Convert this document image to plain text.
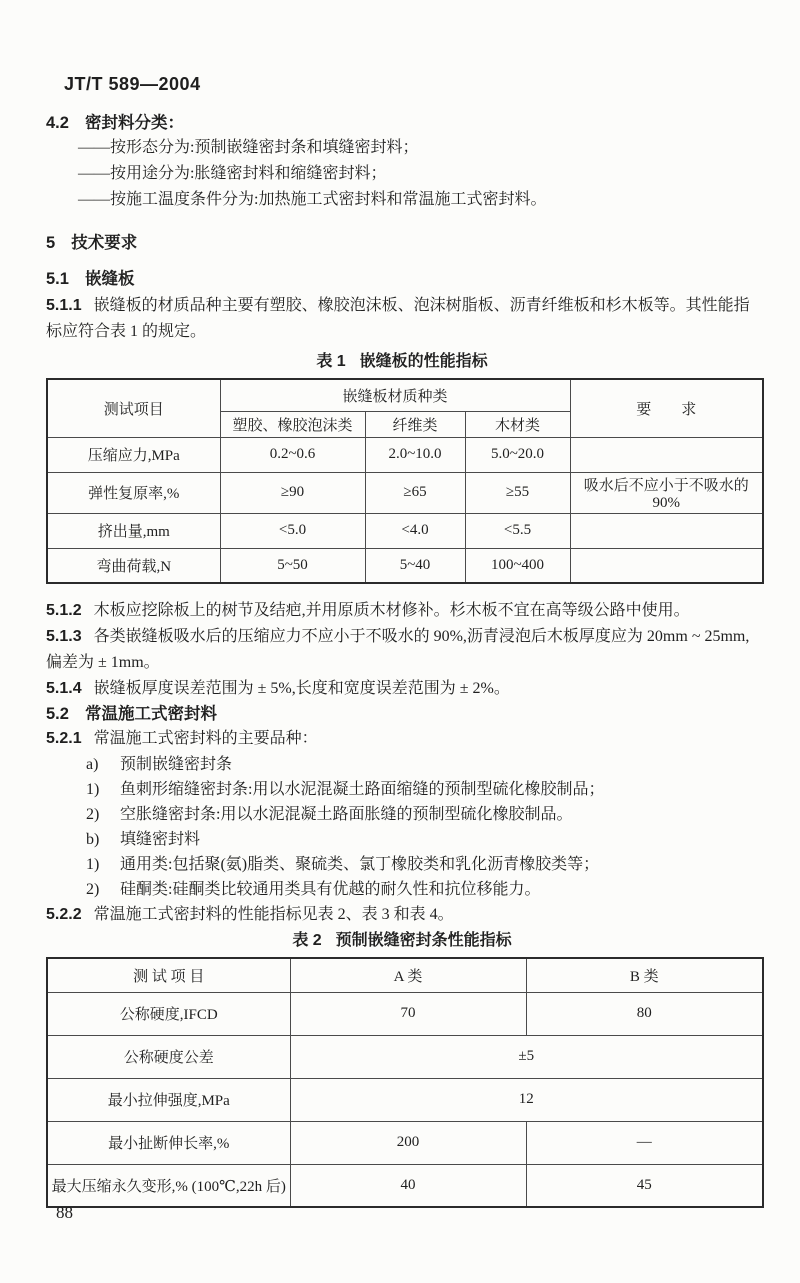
JT/T 589—2004

4.2 密封料分类：

——按形态分为:预制嵌缝密封条和填缝密封料；

——按用途分为:胀缝密封料和缩缝密封料；

——按施工温度条件分为:加热施工式密封料和常温施工式密封料。

5 技术要求

5.1 嵌缝板

5.1.1 嵌缝板的材质品种主要有塑胶、橡胶泡沫板、泡沫树脂板、沥青纤维板和杉木板等。其性能指标应符合表 1 的规定。

表 1 嵌缝板的性能指标

测试项目	嵌缝板材质种类			要　　求
	塑胶、橡胶泡沫类	纤维类	木材类	
压缩应力,MPa	0.2~0.6	2.0~10.0	5.0~20.0	
弹性复原率,%	≥90	≥65	≥55	吸水后不应小于不吸水的 90%
挤出量,mm	<5.0	<4.0	<5.5	
弯曲荷载,N	5~50	5~40	100~400	

5.1.2 木板应挖除板上的树节及结疤,并用原质木材修补。杉木板不宜在高等级公路中使用。

5.1.3 各类嵌缝板吸水后的压缩应力不应小于不吸水的 90%,沥青浸泡后木板厚度应为 20mm ~ 25mm,偏差为 ± 1mm。

5.1.4 嵌缝板厚度误差范围为 ± 5%,长度和宽度误差范围为 ± 2%。

5.2 常温施工式密封料

5.2.1 常温施工式密封料的主要品种：

a) 预制嵌缝密封条

1) 鱼刺形缩缝密封条:用以水泥混凝土路面缩缝的预制型硫化橡胶制品；

2) 空胀缝密封条:用以水泥混凝土路面胀缝的预制型硫化橡胶制品。

b) 填缝密封料

1) 通用类:包括聚(氨)脂类、聚硫类、氯丁橡胶类和乳化沥青橡胶类等；

2) 硅酮类:硅酮类比较通用类具有优越的耐久性和抗位移能力。

5.2.2 常温施工式密封料的性能指标见表 2、表 3 和表 4。

表 2 预制嵌缝密封条性能指标

测 试 项 目	A 类	B 类
公称硬度,IFCD	70	80
公称硬度公差	±5	
最小拉伸强度,MPa	12	
最小扯断伸长率,%	200	—
最大压缩永久变形,% (100℃,22h 后)	40	45

88
